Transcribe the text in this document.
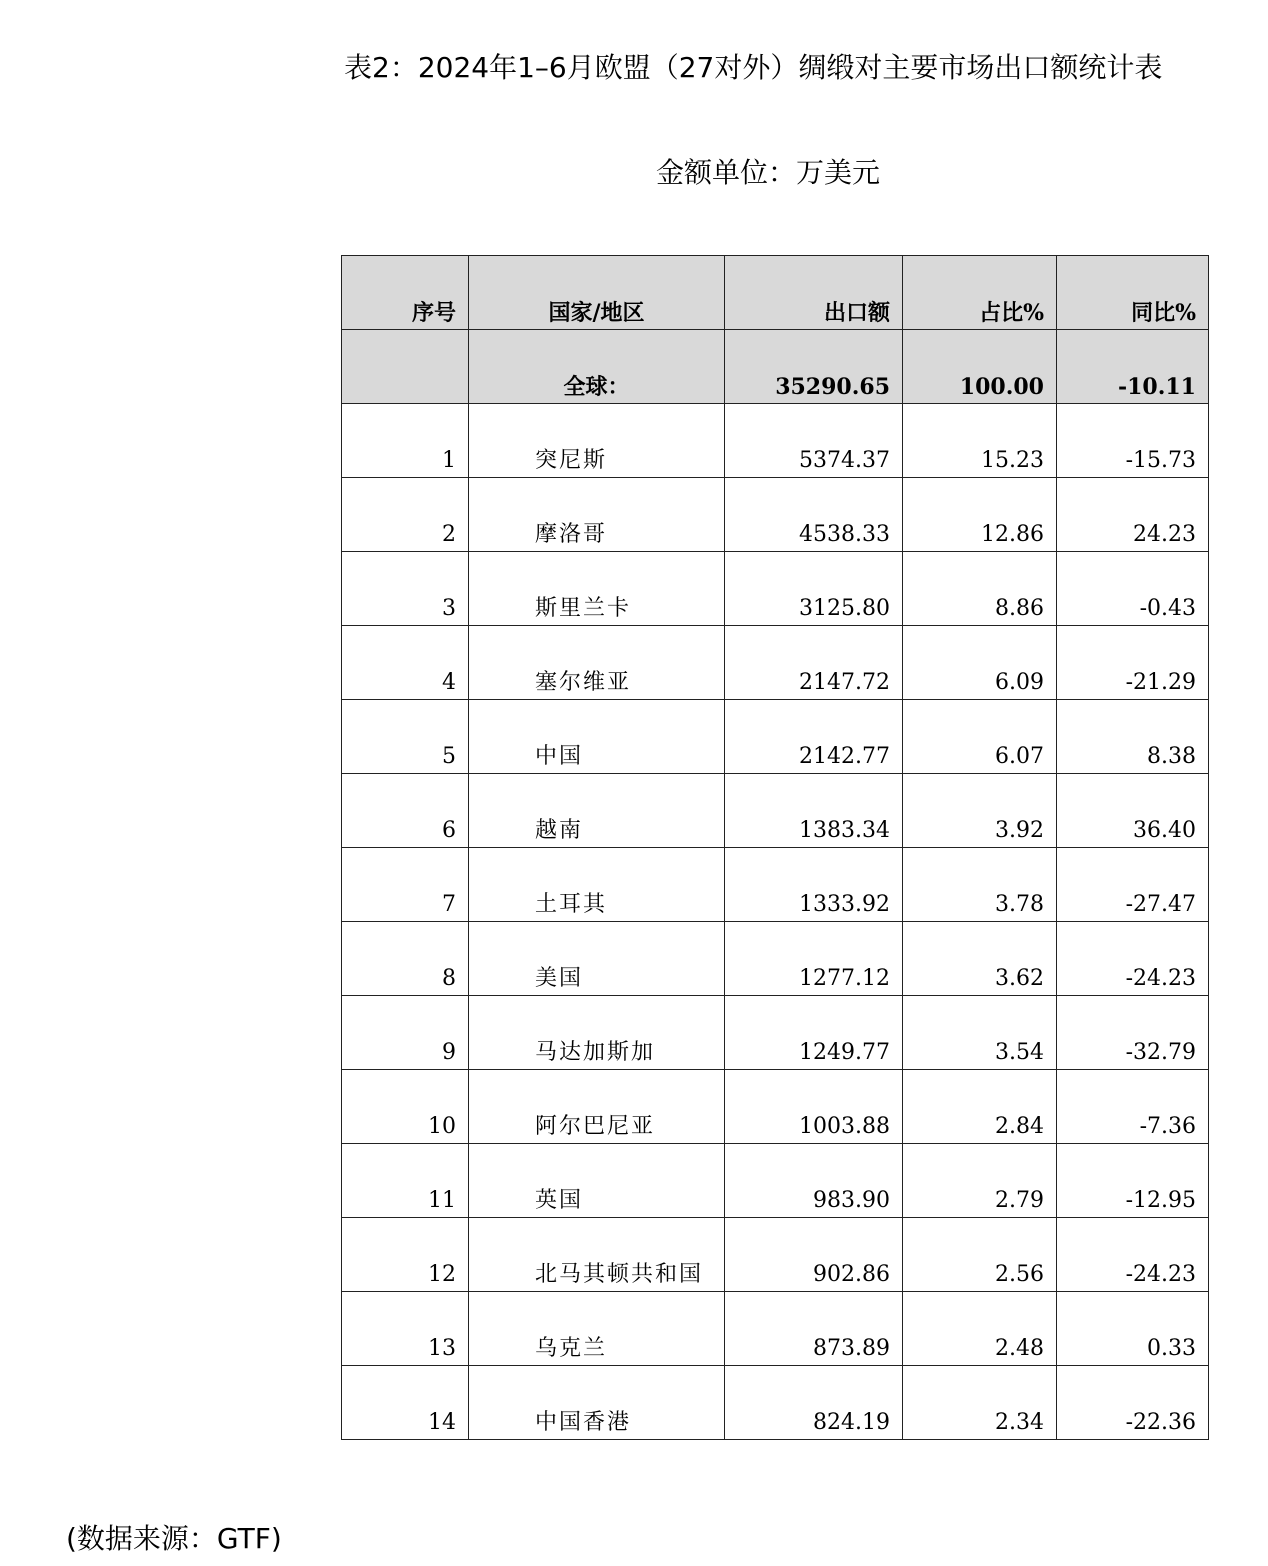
表2：2024年1–6月欧盟（27对外）绸缎对主要市场出口额统计表
金额单位：万美元
序号	国家/地区	出口额	占比%	同比%
	全球：	35290.65	100.00	-10.11
1	突尼斯	5374.37	15.23	-15.73
2	摩洛哥	4538.33	12.86	24.23
3	斯里兰卡	3125.80	8.86	-0.43
4	塞尔维亚	2147.72	6.09	-21.29
5	中国	2142.77	6.07	8.38
6	越南	1383.34	3.92	36.40
7	土耳其	1333.92	3.78	-27.47
8	美国	1277.12	3.62	-24.23
9	马达加斯加	1249.77	3.54	-32.79
10	阿尔巴尼亚	1003.88	2.84	-7.36
11	英国	983.90	2.79	-12.95
12	北马其顿共和国	902.86	2.56	-24.23
13	乌克兰	873.89	2.48	0.33
14	中国香港	824.19	2.34	-22.36
(数据来源：GTF)
